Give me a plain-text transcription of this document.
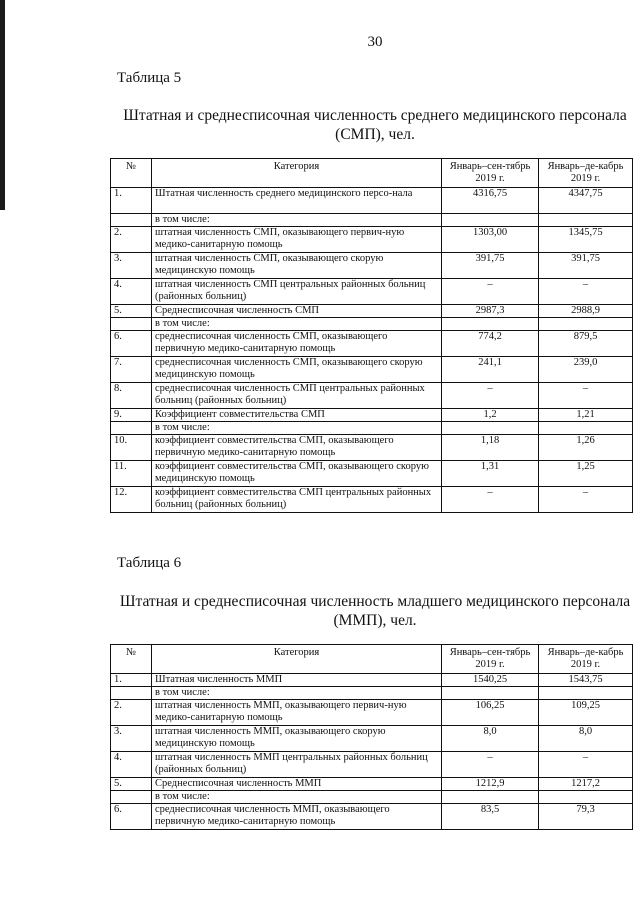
30
Таблица 5
Штатная и среднесписочная численность среднего медицинского персонала
(СМП), чел.
№	Категория	Январь–сен-тябрь 2019 г.	Январь–де-кабрь 2019 г.
1.	Штатная численность среднего медицинского персо-нала	4316,75	4347,75
	в том числе:		
2.	штатная численность СМП, оказывающего первич-ную медико-санитарную помощь	1303,00	1345,75
3.	штатная численность СМП, оказывающего скорую медицинскую помощь	391,75	391,75
4.	штатная численность СМП центральных районных больниц (районных больниц)	–	–
5.	Среднесписочная численность СМП	2987,3	2988,9
	в том числе:		
6.	среднесписочная численность СМП, оказывающего первичную медико-санитарную помощь	774,2	879,5
7.	среднесписочная численность СМП, оказывающего скорую медицинскую помощь	241,1	239,0
8.	среднесписочная численность СМП центральных районных больниц (районных больниц)	–	–
9.	Коэффициент совместительства СМП	1,2	1,21
	в том числе:		
10.	коэффициент совместительства СМП, оказывающего первичную медико-санитарную помощь	1,18	1,26
11.	коэффициент совместительства СМП, оказывающего скорую медицинскую помощь	1,31	1,25
12.	коэффициент совместительства СМП центральных районных больниц (районных больниц)	–	–
Таблица 6
Штатная и среднесписочная численность младшего медицинского персонала
(ММП), чел.
№	Категория	Январь–сен-тябрь 2019 г.	Январь–де-кабрь 2019 г.
1.	Штатная численность ММП	1540,25	1543,75
	в том числе:		
2.	штатная численность ММП, оказывающего первич-ную медико-санитарную помощь	106,25	109,25
3.	штатная численность ММП, оказывающего скорую медицинскую помощь	8,0	8,0
4.	штатная численность ММП центральных районных больниц (районных больниц)	–	–
5.	Среднесписочная численность ММП	1212,9	1217,2
	в том числе:		
6.	среднесписочная численность ММП, оказывающего первичную медико-санитарную помощь	83,5	79,3
